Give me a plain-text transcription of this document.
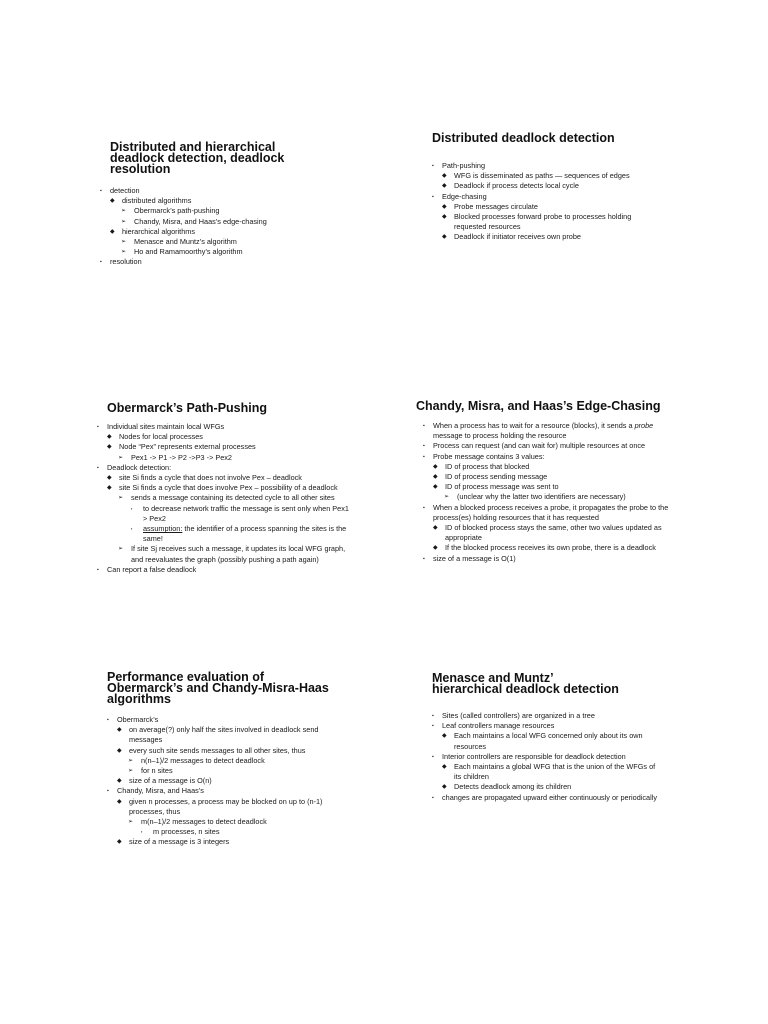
Distributed and hierarchical
deadlock detection, deadlock
resolution
▪ detection
◆ distributed algorithms
➢ Obermarck’s path-pushing
➢ Chandy, Misra, and Haas’s edge-chasing
◆ hierarchical algorithms
➢ Menasce and Muntz’s algorithm
➢ Ho and Ramamoorthy’s algorithm
▪ resolution
Distributed deadlock detection
▪ Path-pushing
◆ WFG is disseminated as paths — sequences of edges
◆ Deadlock if process detects local cycle
▪ Edge-chasing
◆ Probe messages circulate
◆ Blocked processes forward probe to processes holding requested resources
◆ Deadlock if initiator receives own probe
Obermarck’s Path-Pushing
▪ Individual sites maintain local WFGs
◆ Nodes for local processes
◆ Node “Pex” represents external processes
➢ Pex1 -> P1 -> P2 ->P3 -> Pex2
▪ Deadlock detection:
◆ site Si finds a cycle that does not involve Pex – deadlock
◆ site Si finds a cycle that does involve Pex – possibility of a deadlock
➢ sends a message containing its detected cycle to all other sites
▪ to decrease network traffic the message is sent only when Pex1 > Pex2
▪ assumption: the identifier of a process spanning the sites is the same!
➢ If site Sj receives such a message, it updates its local WFG graph, and reevaluates the graph (possibly pushing a path again)
▪ Can report a false deadlock
Chandy, Misra, and Haas’s Edge-Chasing
▪ When a process has to wait for a resource (blocks), it sends a probe message to process holding the resource
▪ Process can request (and can wait for) multiple resources at once
▪ Probe message contains 3 values:
◆ ID of process that blocked
◆ ID of process sending message
◆ ID of process message was sent to
➢ (unclear why the latter two identifiers are necessary)
▪ When a blocked process receives a probe, it propagates the probe to the process(es) holding resources that it has requested
◆ ID of blocked process stays the same, other two values updated as appropriate
◆ If the blocked process receives its own probe, there is a deadlock
▪ size of a message is O(1)
Performance evaluation of
Obermarck’s and Chandy-Misra-Haas
algorithms
▪ Obermarck’s
◆ on average(?) only half the sites involved in deadlock send messages
◆ every such site sends messages to all other sites, thus
➢ n(n–1)/2 messages to detect deadlock
➢ for n sites
◆ size of a message is O(n)
▪ Chandy, Misra, and Haas’s
◆ given n processes, a process may be blocked on up to (n-1) processes, thus
➢ m(n–1)/2 messages to detect deadlock
▪ m processes, n sites
◆ size of a message is 3 integers
Menasce and Muntz’
hierarchical deadlock detection
▪ Sites (called controllers) are organized in a tree
▪ Leaf controllers manage resources
◆ Each maintains a local WFG concerned only about its own resources
▪ Interior controllers are responsible for deadlock detection
◆ Each maintains a global WFG that is the union of the WFGs of its children
◆ Detects deadlock among its children
▪ changes are propagated upward either continuously or periodically
